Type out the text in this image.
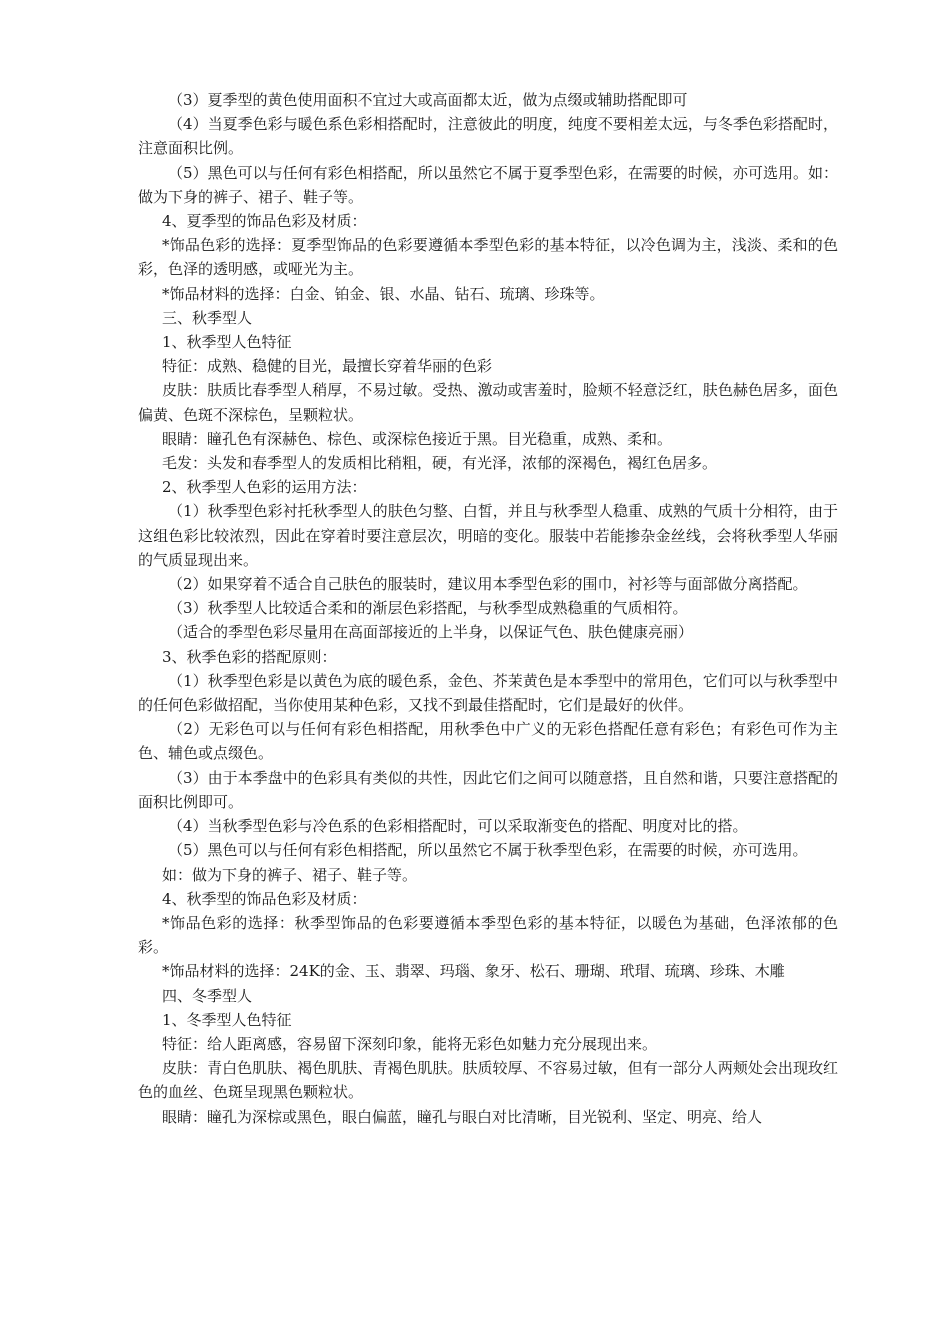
（3）夏季型的黄色使用面积不宜过大或高面都太近，做为点缀或辅助搭配即可

（4）当夏季色彩与暖色系色彩相搭配时，注意彼此的明度，纯度不要相差太远，与冬季色彩搭配时，注意面积比例。

（5）黑色可以与任何有彩色相搭配，所以虽然它不属于夏季型色彩，在需要的时候，亦可选用。如：做为下身的裤子、裙子、鞋子等。

4、夏季型的饰品色彩及材质：

*饰品色彩的选择：夏季型饰品的色彩要遵循本季型色彩的基本特征，以冷色调为主，浅淡、柔和的色彩，色泽的透明感，或哑光为主。

*饰品材料的选择：白金、铂金、银、水晶、钻石、琉璃、珍珠等。

三、秋季型人

1、秋季型人色特征

特征：成熟、稳健的目光，最擅长穿着华丽的色彩

皮肤：肤质比春季型人稍厚，不易过敏。受热、激动或害羞时，脸颊不轻意泛红，肤色赫色居多，面色偏黄、色斑不深棕色，呈颗粒状。

眼睛：瞳孔色有深赫色、棕色、或深棕色接近于黑。目光稳重，成熟、柔和。

毛发：头发和春季型人的发质相比稍粗，硬，有光泽，浓郁的深褐色，褐红色居多。

2、秋季型人色彩的运用方法：

（1）秋季型色彩衬托秋季型人的肤色匀整、白皙，并且与秋季型人稳重、成熟的气质十分相符，由于这组色彩比较浓烈，因此在穿着时要注意层次，明暗的变化。服装中若能掺杂金丝线，会将秋季型人华丽的气质显现出来。

（2）如果穿着不适合自己肤色的服装时，建议用本季型色彩的围巾，衬衫等与面部做分离搭配。

（3）秋季型人比较适合柔和的渐层色彩搭配，与秋季型成熟稳重的气质相符。

（适合的季型色彩尽量用在高面部接近的上半身，以保证气色、肤色健康亮丽）

3、秋季色彩的搭配原则：

（1）秋季型色彩是以黄色为底的暖色系，金色、芥茉黄色是本季型中的常用色，它们可以与秋季型中的任何色彩做招配，当你使用某种色彩，又找不到最佳搭配时，它们是最好的伙伴。

（2）无彩色可以与任何有彩色相搭配，用秋季色中广义的无彩色搭配任意有彩色；有彩色可作为主色、辅色或点缀色。

（3）由于本季盘中的色彩具有类似的共性，因此它们之间可以随意搭，且自然和谐，只要注意搭配的面积比例即可。

（4）当秋季型色彩与冷色系的色彩相搭配时，可以采取渐变色的搭配、明度对比的搭。

（5）黑色可以与任何有彩色相搭配，所以虽然它不属于秋季型色彩，在需要的时候，亦可选用。

如：做为下身的裤子、裙子、鞋子等。

4、秋季型的饰品色彩及材质：

*饰品色彩的选择：秋季型饰品的色彩要遵循本季型色彩的基本特征，以暖色为基础，色泽浓郁的色彩。

*饰品材料的选择：24K的金、玉、翡翠、玛瑙、象牙、松石、珊瑚、玳瑁、琉璃、珍珠、木雕

四、冬季型人

1、冬季型人色特征

特征：给人距离感，容易留下深刻印象，能将无彩色如魅力充分展现出来。

皮肤：青白色肌肤、褐色肌肤、青褐色肌肤。肤质较厚、不容易过敏，但有一部分人两颊处会出现玫红色的血丝、色斑呈现黑色颗粒状。

眼睛：瞳孔为深棕或黑色，眼白偏蓝，瞳孔与眼白对比清晰，目光锐利、坚定、明亮、给人
